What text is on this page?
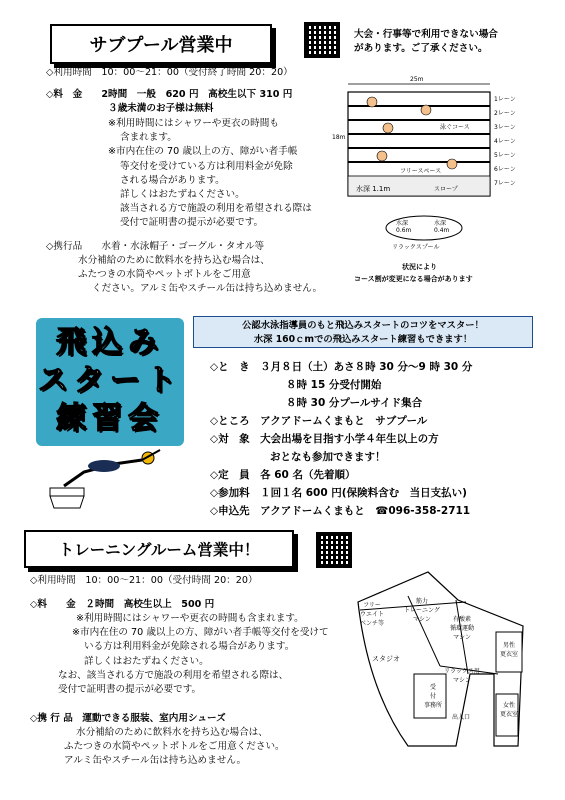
サブプール営業中
大会・行事等で利用できない場合
があります。ご了承ください。
◇利用時間　10：00～21：00（受付終了時間 20：20）
◇料　金　　2時間　一般　620 円　高校生以下 310 円
３歳未満のお子様は無料
※利用時間にはシャワーや更衣の時間も
含まれます。
※市内在住の 70 歳以上の方、障がい者手帳
等交付を受けている方は利用料金が免除
される場合があります。
詳しくはおたずねください。
該当される方で施設の利用を希望される際は
受付で証明書の提示が必要です。
◇携行品　　水着・水泳帽子・ゴーグル・タオル等
水分補給のために飲料水を持ち込む場合は、
ふたつきの水筒やペットボトルをご用意
ください。アルミ缶やスチール缶は持ち込めません。
25m
18m
1レーン
2レーン
3レーン
4レーン
5レーン
6レーン
7レーン
泳ぐコース
フリースペース
水深 1.1m	スロープ
水深
0.6m
水深
0.4m
リラックスプール
状況により
コース割が変更になる場合があります
飛込み
スタート
練習会
公認水泳指導員のもと飛込みスタートのコツをマスター！
水深 160ｃmでの飛込みスタート練習もできます！
◇と　き　３月８日（土）あさ８時 30 分～9 時 30 分
８時 15 分受付開始
８時 30 分プールサイド集合
◇ところ　アクアドームくまもと　サブプール
◇対　象　大会出場を目指す小学４年生以上の方
おとなも参加できます！
◇定　員　各 60 名（先着順）
◇参加料　１回１名 600 円(保険料含む　当日支払い)
◇申込先　アクアドームくまもと　☎096-358-2711
トレーニングルーム営業中！
◇利用時間　10：00～21：00（受付時間 20：20）
◇料　　金　２時間　高校生以上　500 円
※利用時間にはシャワーや更衣の時間も含まれます。
※市内在住の 70 歳以上の方、障がい者手帳等交付を受けて
いる方は利用料金が免除される場合があります。
詳しくはおたずねください。
なお、該当される方で施設の利用を希望される際は、
受付で証明書の提示が必要です。
◇携 行 品　運動できる服装、室内用シューズ
水分補給のために飲料水を持ち込む場合は、
ふたつきの水筒やペットボトルをご用意ください。
アルミ缶やスチール缶は持ち込めません。
フリー
ウエイト
ベンチ等
筋力
トレーニング
マシン	有酸素
循環運動
マシン
スタジオ
リラックス用
マシン
受
付
事務所
出入口
男性
更衣室
女性
更衣室
